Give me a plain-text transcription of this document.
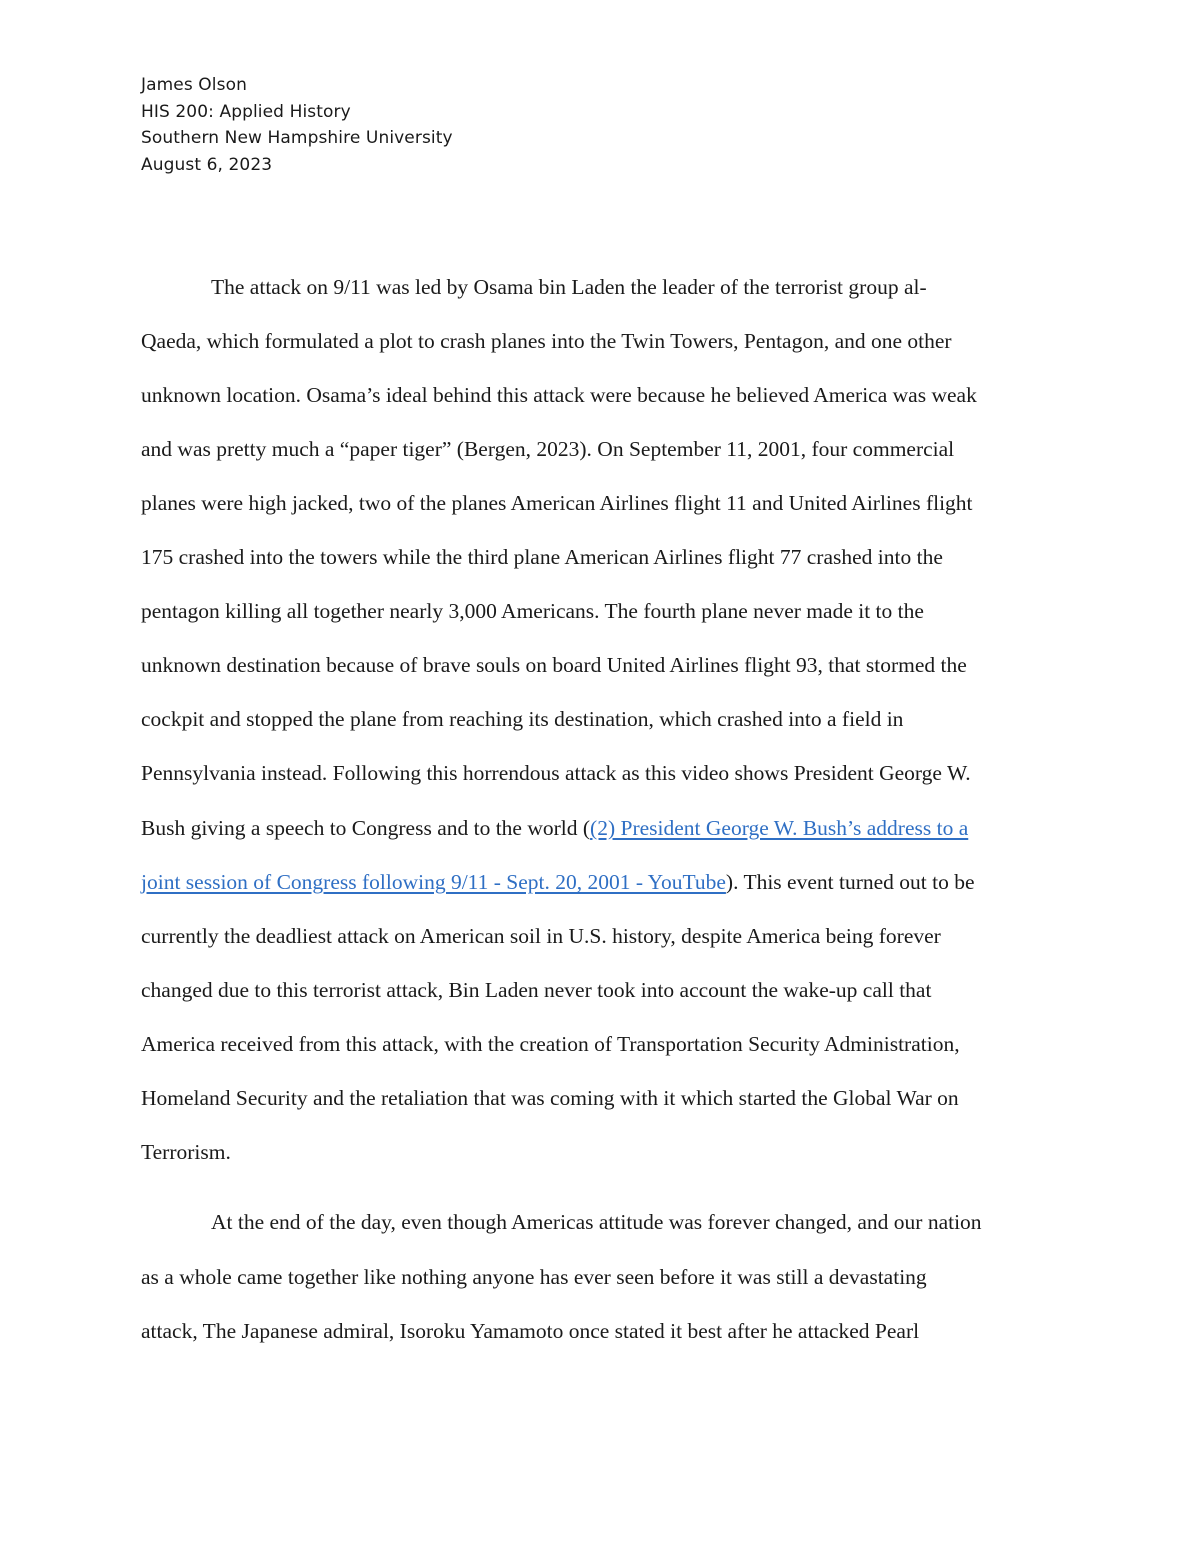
James Olson
HIS 200: Applied History
Southern New Hampshire University
August 6, 2023
The attack on 9/11 was led by Osama bin Laden the leader of the terrorist group al-
Qaeda, which formulated a plot to crash planes into the Twin Towers, Pentagon, and one other
unknown location. Osama’s ideal behind this attack were because he believed America was weak
and was pretty much a “paper tiger” (Bergen, 2023). On September 11, 2001, four commercial
planes were high jacked, two of the planes American Airlines flight 11 and United Airlines flight
175 crashed into the towers while the third plane American Airlines flight 77 crashed into the
pentagon killing all together nearly 3,000 Americans. The fourth plane never made it to the
unknown destination because of brave souls on board United Airlines flight 93, that stormed the
cockpit and stopped the plane from reaching its destination, which crashed into a field in
Pennsylvania instead. Following this horrendous attack as this video shows President George W.
Bush giving a speech to Congress and to the world ((2) President George W. Bush’s address to a
joint session of Congress following 9/11 - Sept. 20, 2001 - YouTube). This event turned out to be
currently the deadliest attack on American soil in U.S. history, despite America being forever
changed due to this terrorist attack, Bin Laden never took into account the wake-up call that
America received from this attack, with the creation of Transportation Security Administration,
Homeland Security and the retaliation that was coming with it which started the Global War on
Terrorism.
At the end of the day, even though Americas attitude was forever changed, and our nation
as a whole came together like nothing anyone has ever seen before it was still a devastating
attack, The Japanese admiral, Isoroku Yamamoto once stated it best after he attacked Pearl
